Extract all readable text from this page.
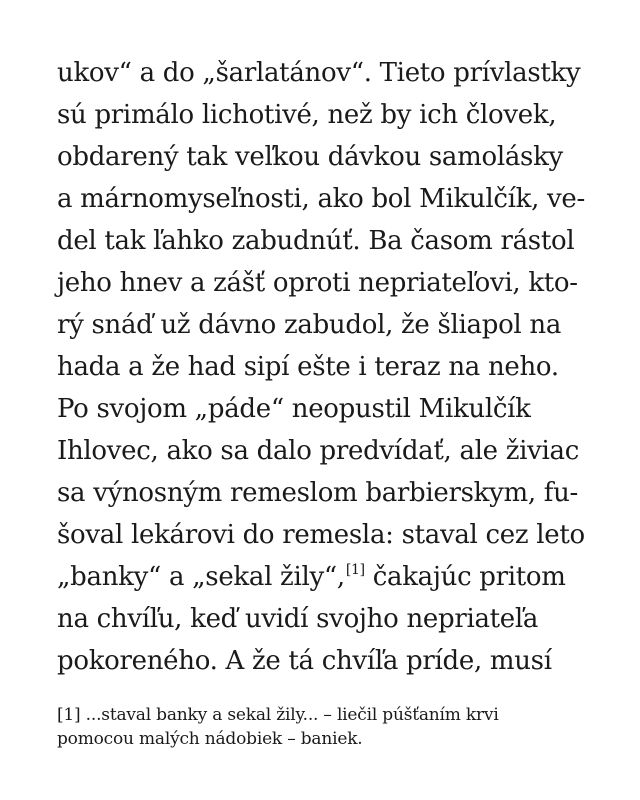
ukov“ a do „šarlatánov“. Tieto prívlastky
sú primálo lichotivé, než by ich človek,
obdarený tak veľkou dávkou samolásky
a márnomyseľnosti, ako bol Mikulčík, ve-
del tak ľahko zabudnúť. Ba časom rástol
jeho hnev a zášť oproti nepriateľovi, kto-
rý snáď už dávno zabudol, že šliapol na
hada a že had sipí ešte i teraz na neho.
Po svojom „páde“ neopustil Mikulčík
Ihlovec, ako sa dalo predvídať, ale živiac
sa výnosným remeslom barbierskym, fu-
šoval lekárovi do remesla: staval cez leto
„banky“ a „sekal žily“,[1] čakajúc pritom
na chvíľu, keď uvidí svojho nepriateľa
pokoreného. A že tá chvíľa príde, musí
[1] ...staval banky a sekal žily... – liečil púšťaním krvi
pomocou malých nádobiek – baniek.
